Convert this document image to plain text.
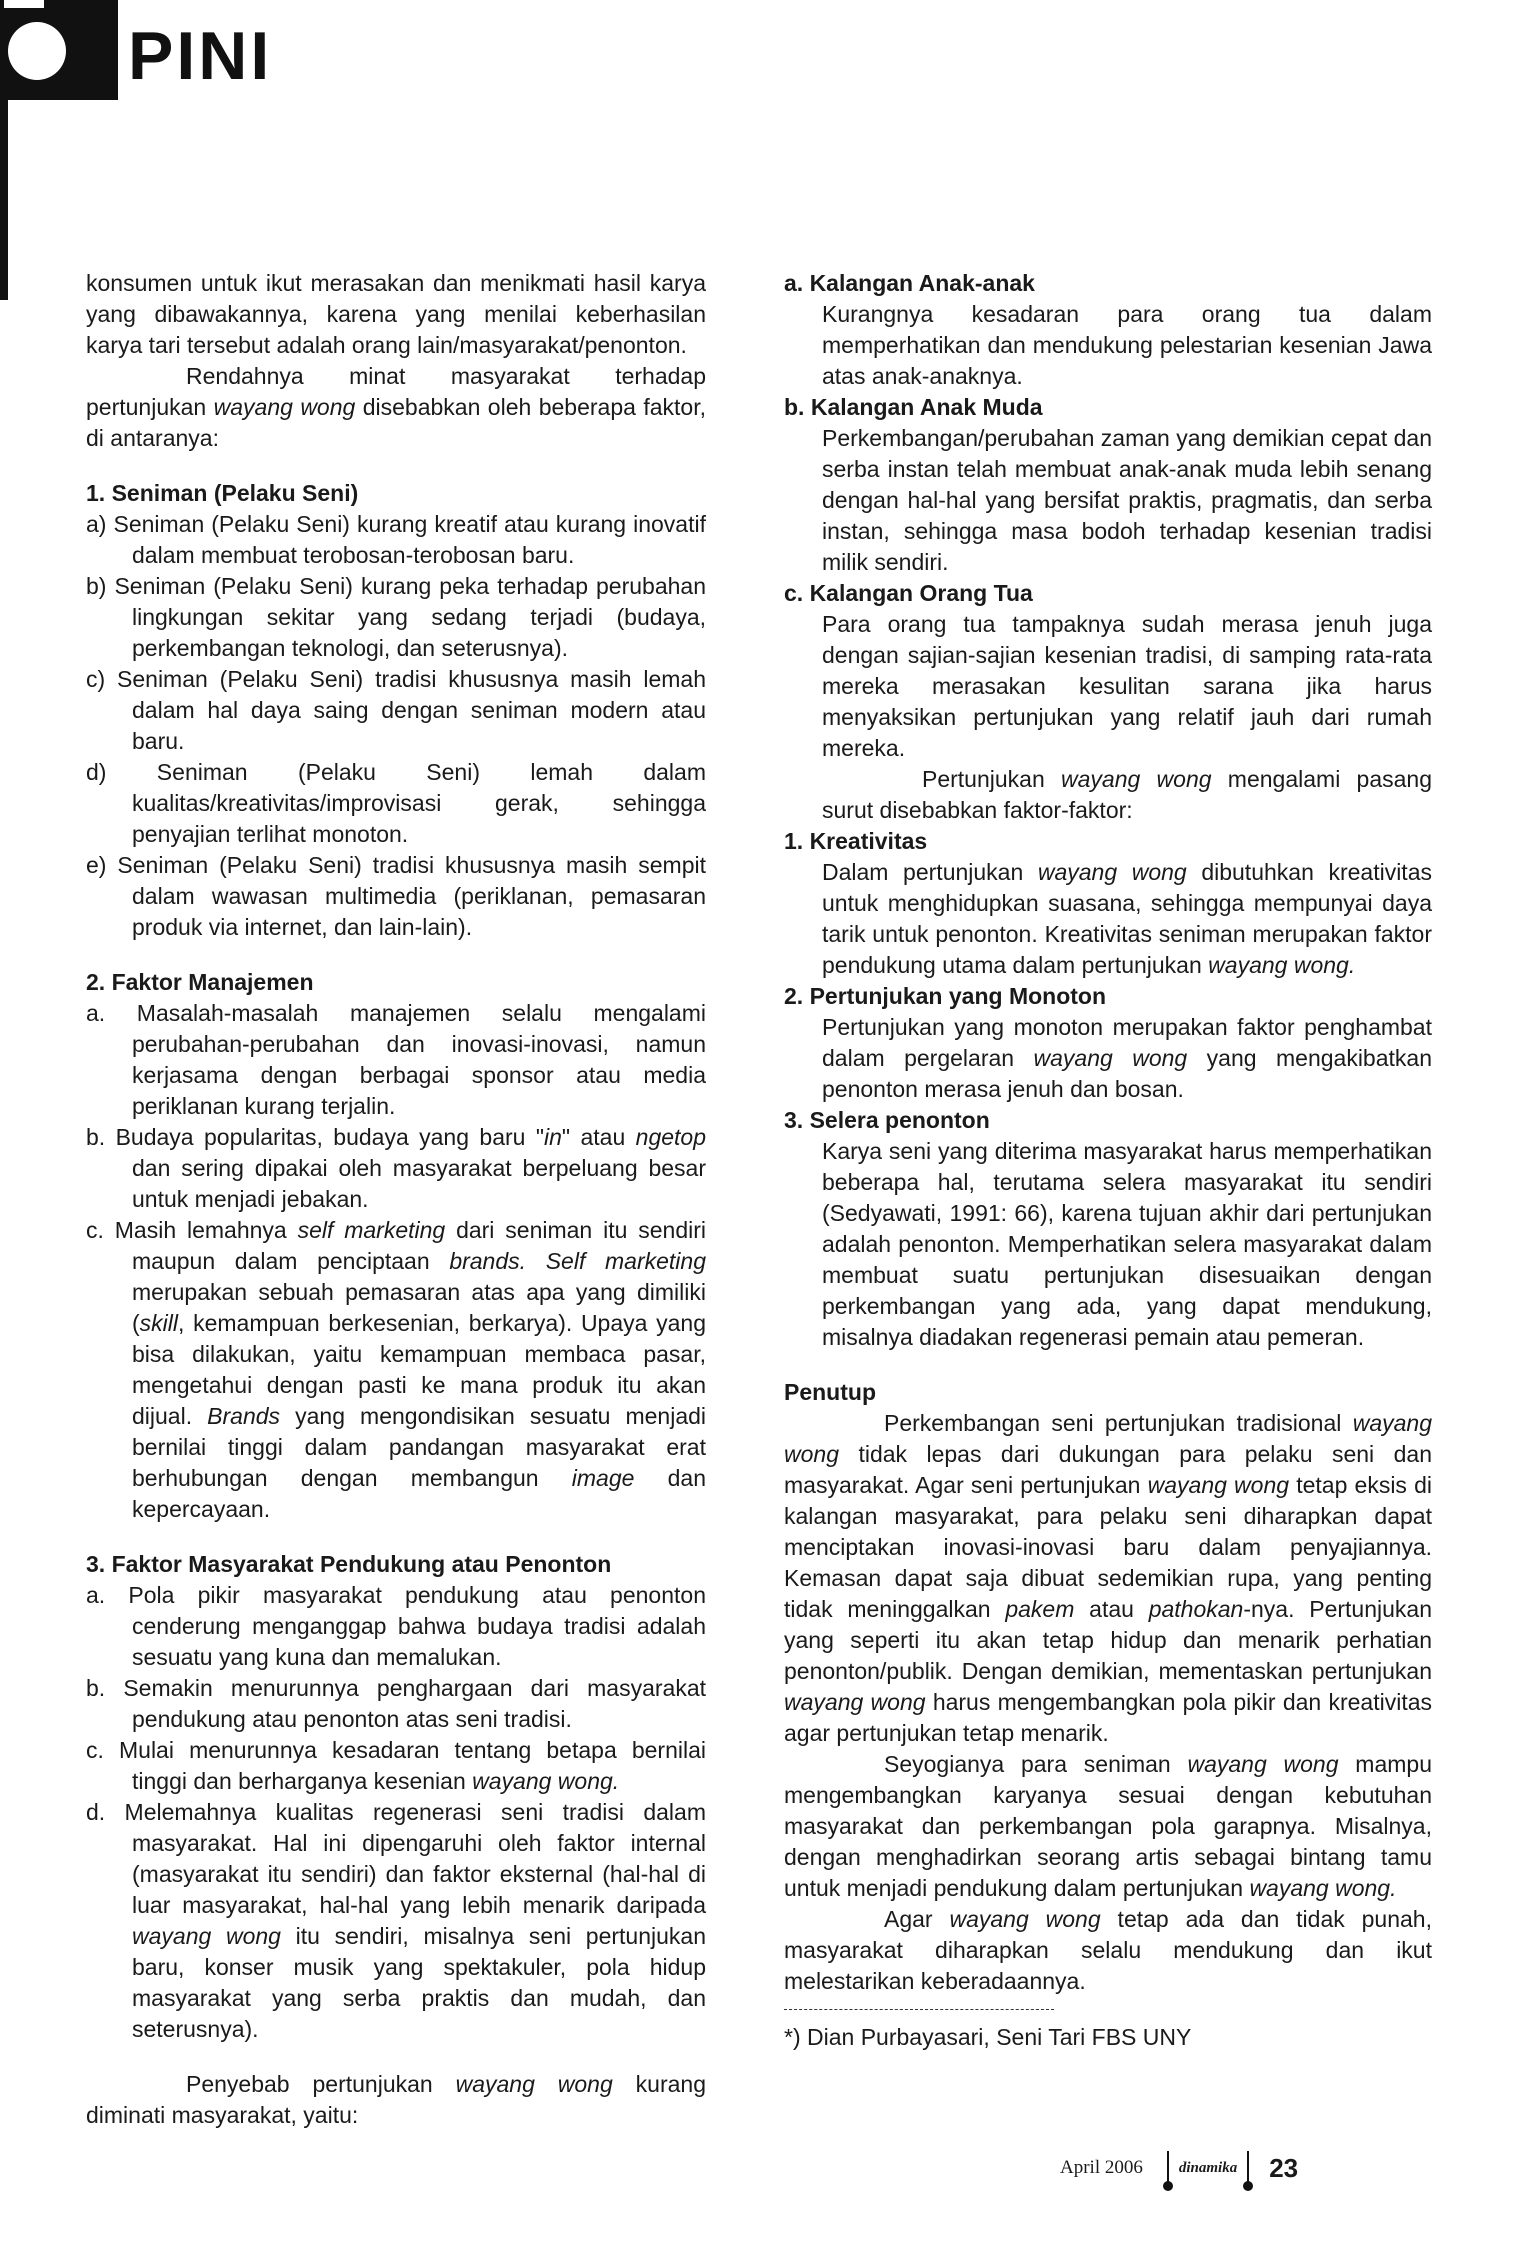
PINI

konsumen untuk ikut merasakan dan menikmati hasil karya yang dibawakannya, karena yang menilai keberhasilan karya tari tersebut adalah orang lain/masyarakat/penonton.

Rendahnya minat masyarakat terhadap pertunjukan wayang wong disebabkan oleh beberapa faktor, di antaranya:

1. Seniman (Pelaku Seni)

a) Seniman (Pelaku Seni) kurang kreatif atau kurang inovatif dalam membuat terobosan-terobosan baru.

b) Seniman (Pelaku Seni) kurang peka terhadap perubahan lingkungan sekitar yang sedang terjadi (budaya, perkembangan teknologi, dan seterusnya).

c) Seniman (Pelaku Seni) tradisi khususnya masih lemah dalam hal daya saing dengan seniman modern atau baru.

d) Seniman (Pelaku Seni) lemah dalam kualitas/kreativitas/improvisasi gerak, sehingga penyajian terlihat monoton.

e) Seniman (Pelaku Seni) tradisi khususnya masih sempit dalam wawasan multimedia (periklanan, pemasaran produk via internet, dan lain-lain).

2. Faktor Manajemen

a. Masalah-masalah manajemen selalu mengalami perubahan-perubahan dan inovasi-inovasi, namun kerjasama dengan berbagai sponsor atau media periklanan kurang terjalin.

b. Budaya popularitas, budaya yang baru "in" atau ngetop dan sering dipakai oleh masyarakat berpeluang besar untuk menjadi jebakan.

c. Masih lemahnya self marketing dari seniman itu sendiri maupun dalam penciptaan brands. Self marketing merupakan sebuah pemasaran atas apa yang dimiliki (skill, kemampuan berkesenian, berkarya). Upaya yang bisa dilakukan, yaitu kemampuan membaca pasar, mengetahui dengan pasti ke mana produk itu akan dijual. Brands yang mengondisikan sesuatu menjadi bernilai tinggi dalam pandangan masyarakat erat berhubungan dengan membangun image dan kepercayaan.

3. Faktor Masyarakat Pendukung atau Penonton

a. Pola pikir masyarakat pendukung atau penonton cenderung menganggap bahwa budaya tradisi adalah sesuatu yang kuna dan memalukan.

b. Semakin menurunnya penghargaan dari masyarakat pendukung atau penonton atas seni tradisi.

c. Mulai menurunnya kesadaran tentang betapa bernilai tinggi dan berharganya kesenian wayang wong.

d. Melemahnya kualitas regenerasi seni tradisi dalam masyarakat. Hal ini dipengaruhi oleh faktor internal (masyarakat itu sendiri) dan faktor eksternal (hal-hal di luar masyarakat, hal-hal yang lebih menarik daripada wayang wong itu sendiri, misalnya seni pertunjukan baru, konser musik yang spektakuler, pola hidup masyarakat yang serba praktis dan mudah, dan seterusnya).

Penyebab pertunjukan wayang wong kurang diminati masyarakat, yaitu:

a. Kalangan Anak-anak

Kurangnya kesadaran para orang tua dalam memperhatikan dan mendukung pelestarian kesenian Jawa atas anak-anaknya.

b. Kalangan Anak Muda

Perkembangan/perubahan zaman yang demikian cepat dan serba instan telah membuat anak-anak muda lebih senang dengan hal-hal yang bersifat praktis, pragmatis, dan serba instan, sehingga masa bodoh terhadap kesenian tradisi milik sendiri.

c. Kalangan Orang Tua

Para orang tua tampaknya sudah merasa jenuh juga dengan sajian-sajian kesenian tradisi, di samping rata-rata mereka merasakan kesulitan sarana jika harus menyaksikan pertunjukan yang relatif jauh dari rumah mereka.

Pertunjukan wayang wong mengalami pasang surut disebabkan faktor-faktor:

1. Kreativitas

Dalam pertunjukan wayang wong dibutuhkan kreativitas untuk menghidupkan suasana, sehingga mempunyai daya tarik untuk penonton. Kreativitas seniman merupakan faktor pendukung utama dalam pertunjukan wayang wong.

2. Pertunjukan yang Monoton

Pertunjukan yang monoton merupakan faktor penghambat dalam pergelaran wayang wong yang mengakibatkan penonton merasa jenuh dan bosan.

3. Selera penonton

Karya seni yang diterima masyarakat harus memperhatikan beberapa hal, terutama selera masyarakat itu sendiri (Sedyawati, 1991: 66), karena tujuan akhir dari pertunjukan adalah penonton. Memperhatikan selera masyarakat dalam membuat suatu pertunjukan disesuaikan dengan perkembangan yang ada, yang dapat mendukung, misalnya diadakan regenerasi pemain atau pemeran.

Penutup

Perkembangan seni pertunjukan tradisional wayang wong tidak lepas dari dukungan para pelaku seni dan masyarakat. Agar seni pertunjukan wayang wong tetap eksis di kalangan masyarakat, para pelaku seni diharapkan dapat menciptakan inovasi-inovasi baru dalam penyajiannya. Kemasan dapat saja dibuat sedemikian rupa, yang penting tidak meninggalkan pakem atau pathokan-nya. Pertunjukan yang seperti itu akan tetap hidup dan menarik perhatian penonton/publik. Dengan demikian, mementaskan pertunjukan wayang wong harus mengembangkan pola pikir dan kreativitas agar pertunjukan tetap menarik.

Seyogianya para seniman wayang wong mampu mengembangkan karyanya sesuai dengan kebutuhan masyarakat dan perkembangan pola garapnya. Misalnya, dengan menghadirkan seorang artis sebagai bintang tamu untuk menjadi pendukung dalam pertunjukan wayang wong.

Agar wayang wong tetap ada dan tidak punah, masyarakat diharapkan selalu mendukung dan ikut melestarikan keberadaannya.

*) Dian Purbayasari, Seni Tari FBS UNY

April 2006 dinamika 23
